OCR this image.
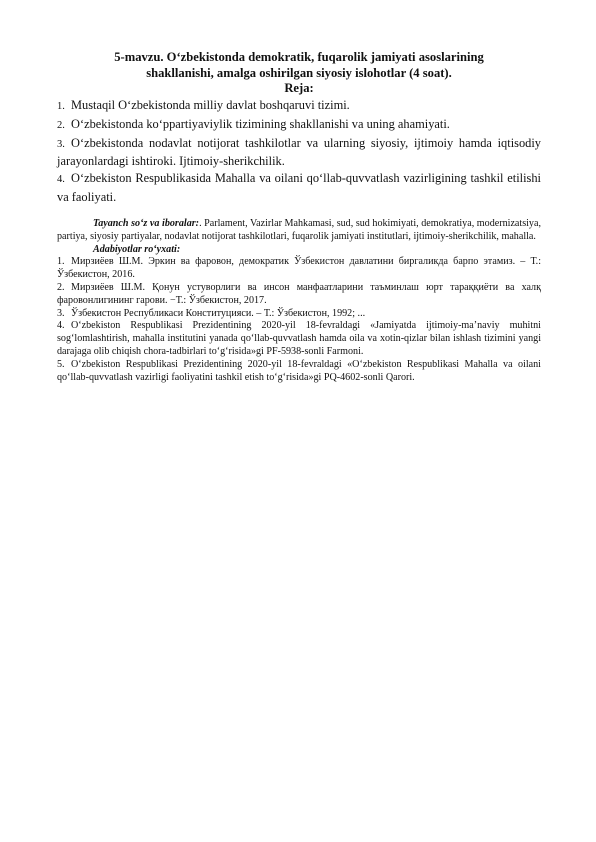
5-mavzu. O‘zbekistonda demokratik, fuqarolik jamiyati asoslarining shakllanishi, amalga oshirilgan siyosiy islohotlar (4 soat).
Reja:
1. Mustaqil O‘zbekistonda milliy davlat boshqaruvi tizimi.
2. O‘zbekistonda ko‘ppartiyaviylik tizimining shakllanishi va uning ahamiyati.
3. O‘zbekistonda nodavlat notijorat tashkilotlar va ularning siyosiy, ijtimoiy hamda iqtisodiy jarayonlardagi ishtiroki. Ijtimoiy-sherikchilik.
4. O‘zbekiston Respublikasida Mahalla va oilani qo‘llab-quvvatlash vazirligining tashkil etilishi va faoliyati.
Tayanch so‘z va iboralar:. Parlament, Vazirlar Mahkamasi, sud, sud hokimiyati, demokratiya, modernizatsiya, partiya, siyosiy partiyalar, nodavlat notijorat tashkilotlari, fuqarolik jamiyati institutlari, ijtimoiy-sherikchilik, mahalla.
Adabiyotlar ro‘yxati:
1. Мирзиёев Ш.М. Эркин ва фаровон, демократик Ўзбекистон давлатини биргаликда барпо этамиз. – Т.: Ўзбекистон, 2016.
2. Мирзиёев Ш.М. Қонун устуворлиги ва инсон манфаатларини таъминлаш юрт тараққиёти ва халқ фаровонлигининг гарови. −Т.: Ўзбекистон, 2017.
3. Ўзбекистон Республикаси Конституцияси. – Т.: Ўзбекистон, 1992; ...
4. O‘zbekiston Respublikasi Prezidentining 2020-yil 18-fevraldagi «Jamiyatda ijtimoiy-ma’naviy muhitni sog‘lomlashtirish, mahalla institutini yanada qo‘llab-quvvatlash hamda oila va xotin-qizlar bilan ishlash tizimini yangi darajaga olib chiqish chora-tadbirlari to‘g‘risida»gi PF-5938-sonli Farmoni.
5. O‘zbekiston Respublikasi Prezidentining 2020-yil 18-fevraldagi «O‘zbekiston Respublikasi Mahalla va oilani qo‘llab-quvvatlash vazirligi faoliyatini tashkil etish to‘g‘risida»gi PQ-4602-sonli Qarori.
